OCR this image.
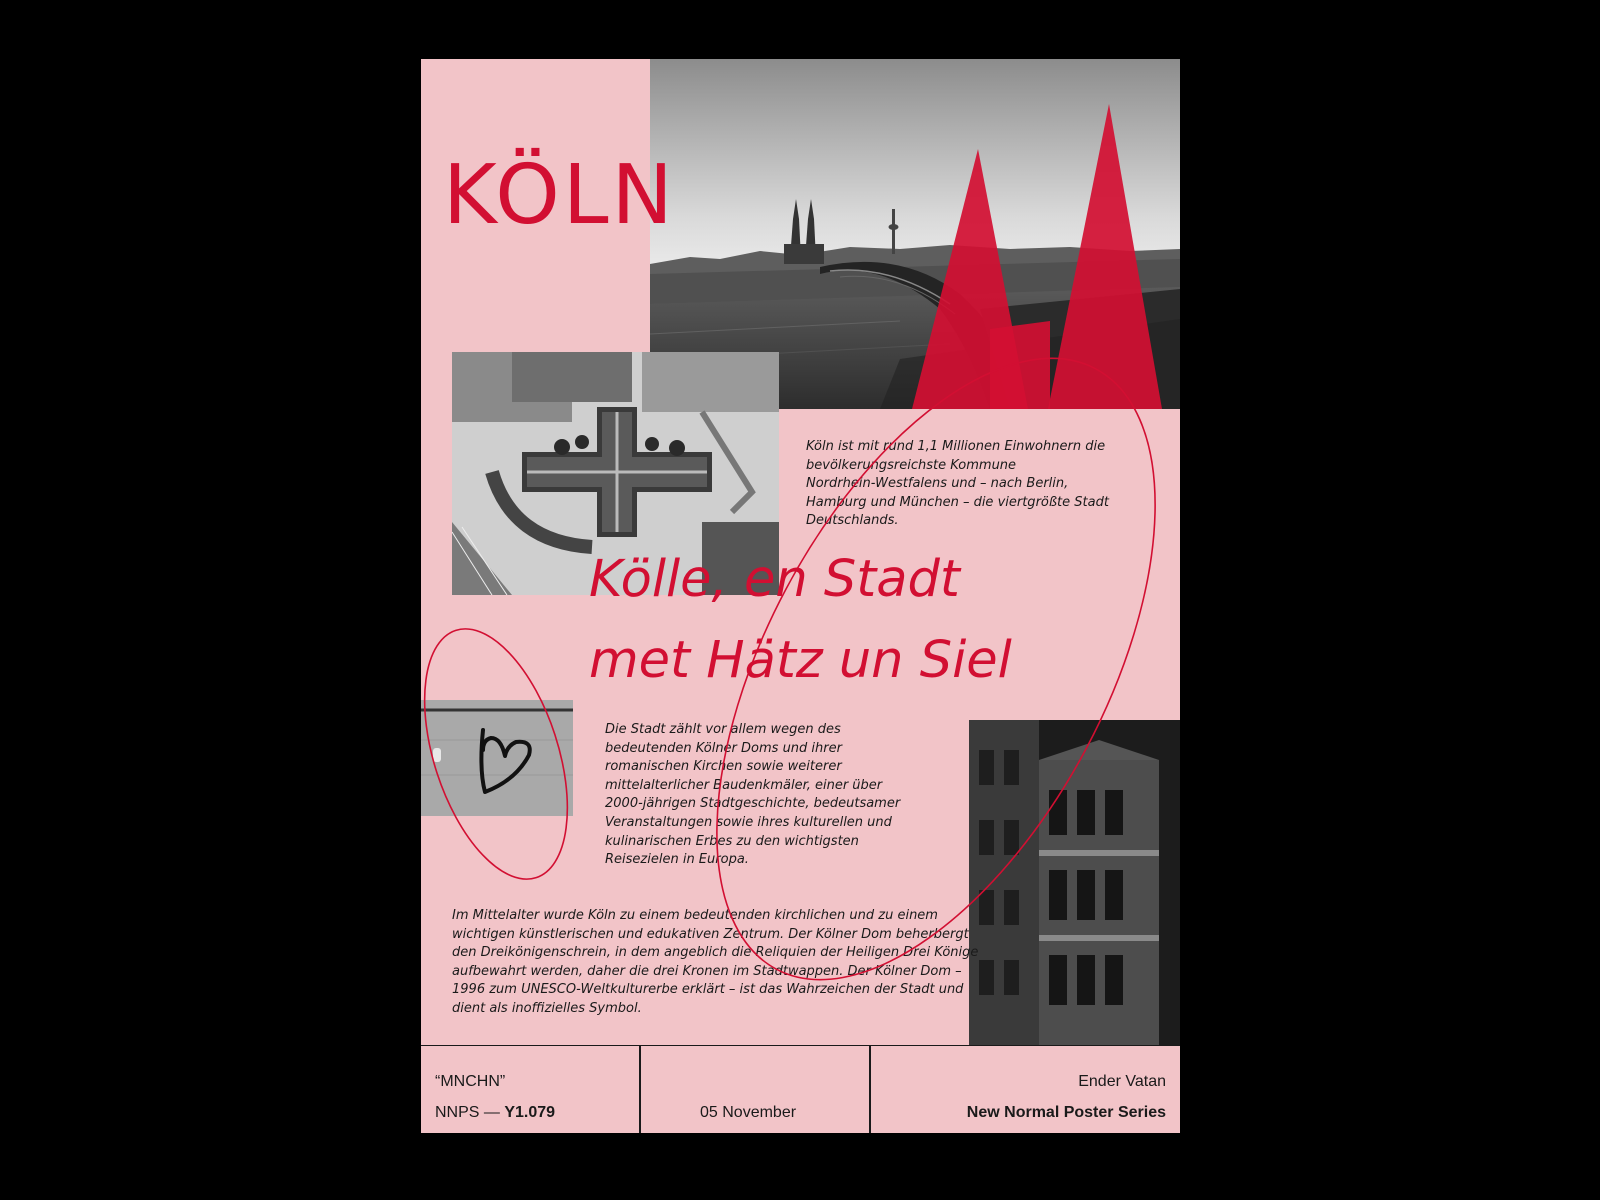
KÖLN
Köln ist mit rund 1,1 Millionen Einwohnern die
bevölkerungsreichste Kommune
Nordrhein-Westfalens und – nach Berlin,
Hamburg und München – die viertgrößte Stadt
Deutschlands.
Kölle, en Stadt
met Hätz un Siel
Die Stadt zählt vor allem wegen des
bedeutenden Kölner Doms und ihrer
romanischen Kirchen sowie weiterer
mittelalterlicher Baudenkmäler, einer über
2000-jährigen Stadtgeschichte, bedeutsamer
Veranstaltungen sowie ihres kulturellen und
kulinarischen Erbes zu den wichtigsten
Reisezielen in Europa.
Im Mittelalter wurde Köln zu einem bedeutenden kirchlichen und zu einem
wichtigen künstlerischen und edukativen Zentrum. Der Kölner Dom beherbergt
den Dreikönigenschrein, in dem angeblich die Reliquien der Heiligen Drei Könige
aufbewahrt werden, daher die drei Kronen im Stadtwappen. Der Kölner Dom –
1996 zum UNESCO-Weltkulturerbe erklärt – ist das Wahrzeichen der Stadt und
dient als inoffizielles Symbol.
“MNCHN”
NNPS — Y1.079	05 November
Ender Vatan
New Normal Poster Series
